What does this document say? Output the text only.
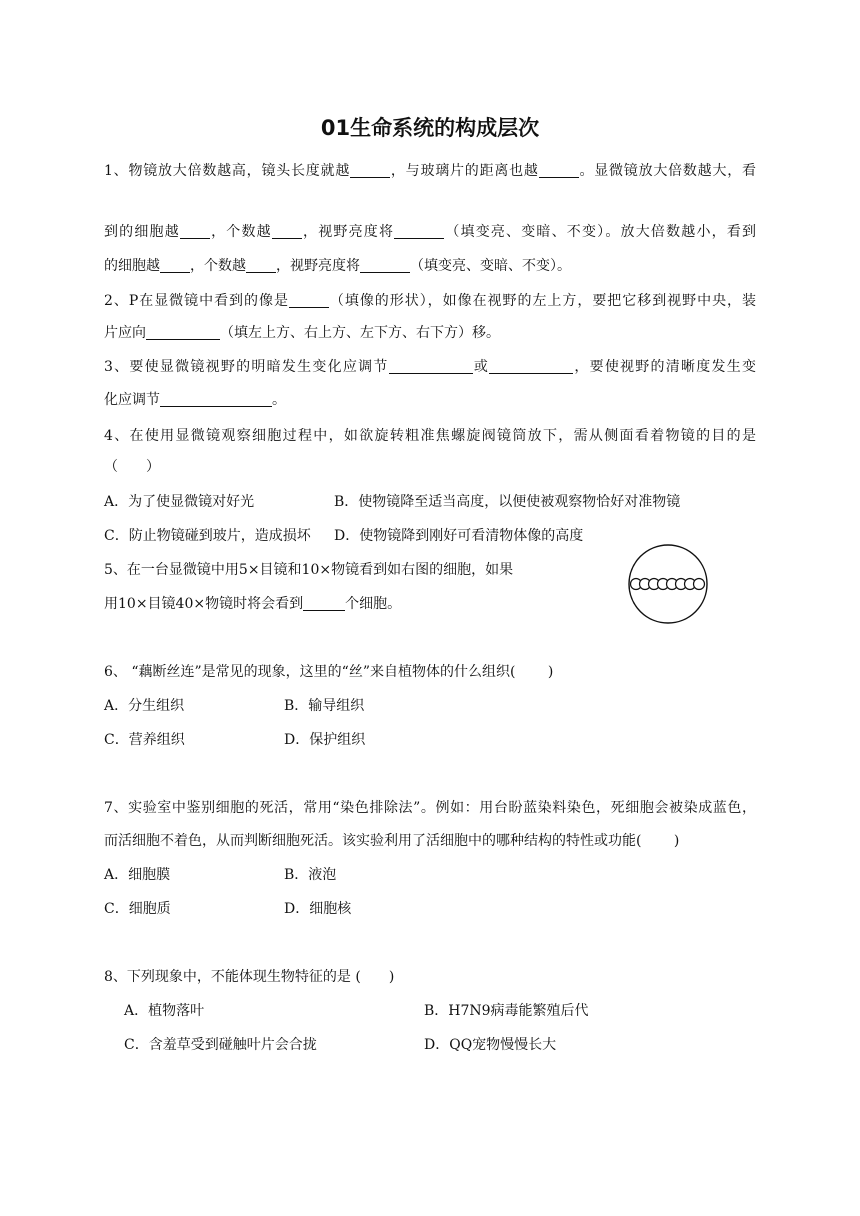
01生命系统的构成层次
1、物镜放大倍数越高，镜头长度就越	，与玻璃片的距离也越	。显微镜放大倍数越大，看
到的细胞越 ，个数越 ，视野亮度将	（填变亮、变暗、不变）。放大倍数越小，看到
的细胞越 ，个数越 ，视野亮度将	（填变亮、变暗、不变）。
2、P在显微镜中看到的像是	（填像的形状），如像在视野的左上方，要把它移到视野中央，装
片应向	（填左上方、右上方、左下方、右下方）移。
3、要使显微镜视野的明暗发生变化应调节	或	，要使视野的清晰度发生变
化应调节	。
4、在使用显微镜观察细胞过程中，如欲旋转粗准焦螺旋阀镜筒放下，需从侧面看着物镜的目的是
（　　）
A．为了使显微镜对好光	B．使物镜降至适当高度，以便使被观察物恰好对准物镜
C．防止物镜碰到玻片，造成损坏 D．使物镜降到刚好可看清物体像的高度
5、在一台显微镜中用5×目镜和10×物镜看到如右图的细胞，如果
用10×目镜40×物镜时将会看到	个细胞。
6、 “藕断丝连”是常见的现象，这里的“丝”来自植物体的什么组织(　　 )
A．分生组织	B．输导组织
C．营养组织	D．保护组织
7、实验室中鉴别细胞的死活，常用“染色排除法”。例如：用台盼蓝染料染色，死细胞会被染成蓝色，
而活细胞不着色，从而判断细胞死活。该实验利用了活细胞中的哪种结构的特性或功能(　　 )
A．细胞膜	B．液泡
C．细胞质	D．细胞核
8、下列现象中，不能体现生物特征的是 (　　)
A．植物落叶	B．H7N9病毒能繁殖后代
C．含羞草受到碰触叶片会合拢	D．QQ宠物慢慢长大
